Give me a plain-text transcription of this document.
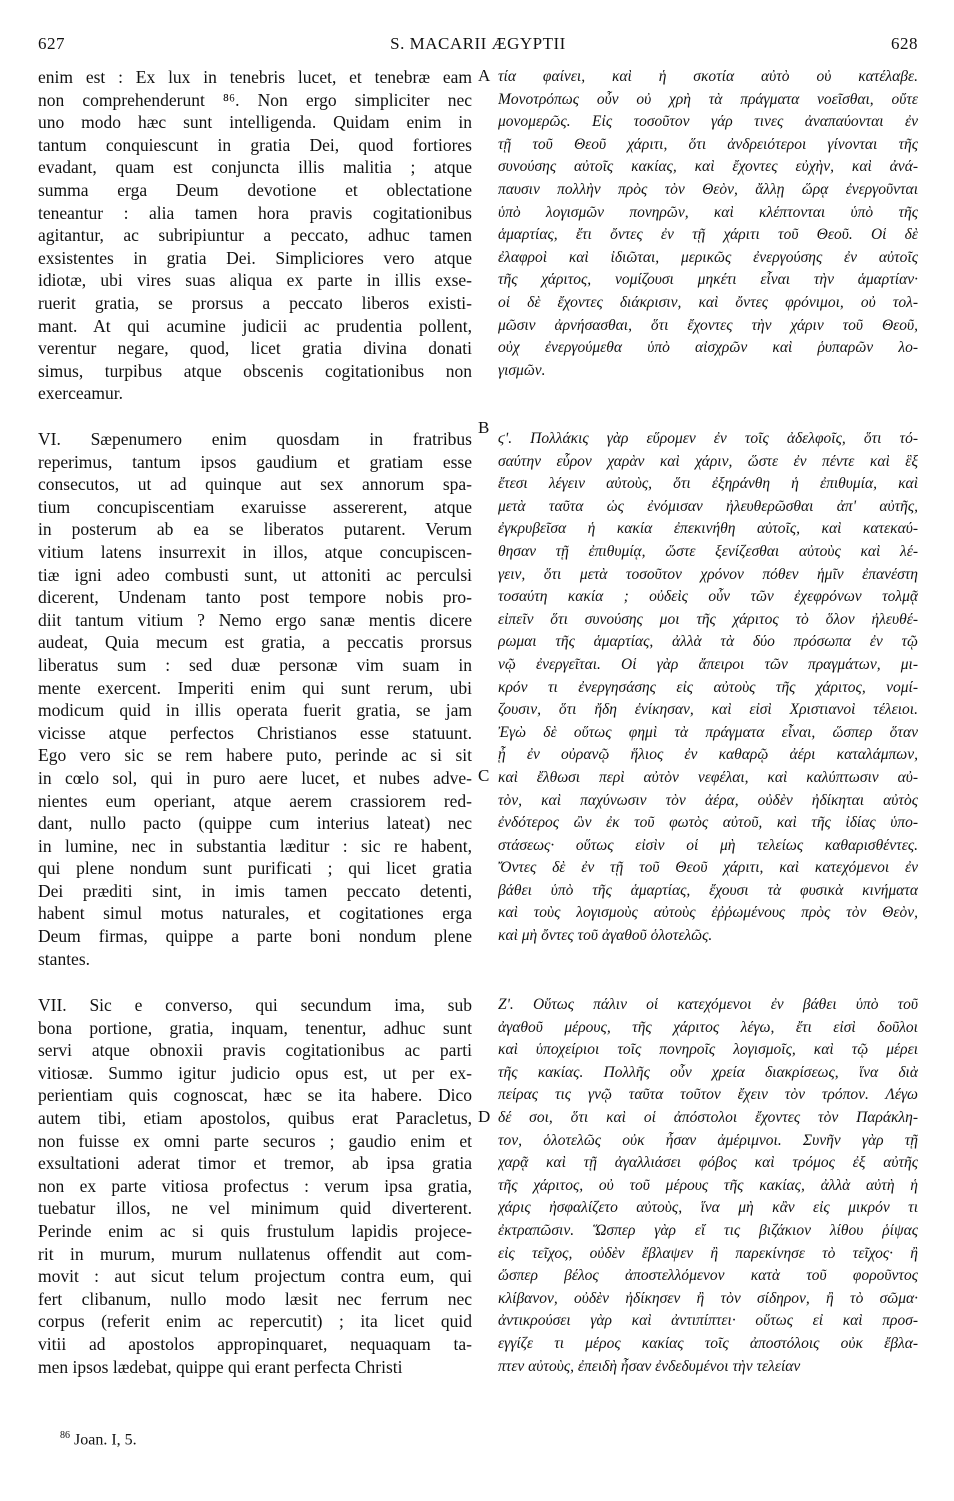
627	S. MACARII ÆGYPTII	628

enim est : Ex lux in tenebris lucet, et tenebræ eam

non comprehenderunt ⁸⁶. Non ergo simpliciter nec

uno modo hæc sunt intelligenda. Quidam enim in

tantum conquiescunt in gratia Dei, quod fortiores

evadant, quam est conjuncta illis malitia ; atque

summa erga Deum devotione et oblectatione

teneantur : alia tamen hora pravis cogitationibus

agitantur, ac subripiuntur a peccato, adhuc tamen

exsistentes in gratia Dei. Simpliciores vero atque

idiotæ, ubi vires suas aliqua ex parte in illis exse-

ruerit gratia, se prorsus a peccato liberos existi-

mant. At qui acumine judicii ac prudentia pollent,

verentur negare, quod, licet gratia divina donati

simus, turpibus atque obscenis cogitationibus non

exerceamur.

VI. Sæpenumero enim quosdam in fratribus

reperimus, tantum ipsos gaudium et gratiam esse

consecutos, ut ad quinque aut sex annorum spa-

tium concupiscentiam exaruisse assererent, atque

in posterum ab ea se liberatos putarent. Verum

vitium latens insurrexit in illos, atque concupiscen-

tiæ igni adeo combusti sunt, ut attoniti ac perculsi

dicerent, Undenam tanto post tempore nobis pro-

diit tantum vitium ? Nemo ergo sanæ mentis dicere

audeat, Quia mecum est gratia, a peccatis prorsus

liberatus sum : sed duæ personæ vim suam in

mente exercent. Imperiti enim qui sunt rerum, ubi

modicum quid in illis operata fuerit gratia, se jam

vicisse atque perfectos Christianos esse statuunt.

Ego vero sic se rem habere puto, perinde ac si sit

in cœlo sol, qui in puro aere lucet, et nubes adve-

nientes eum operiant, atque aerem crassiorem red-

dant, nullo pacto (quippe cum interius lateat) nec

in lumine, nec in substantia læditur : sic re habent,

qui plene nondum sunt purificati ; qui licet gratia

Dei præditi sint, in imis tamen peccato detenti,

habent simul motus naturales, et cogitationes erga

Deum firmas, quippe a parte boni nondum plene

stantes.

VII. Sic e converso, qui secundum ima, sub

bona portione, gratia, inquam, tenentur, adhuc sunt

servi atque obnoxii pravis cogitationibus ac parti

vitiosæ. Summo igitur judicio opus est, ut per ex-

perientiam quis cognoscat, hæc se ita habere. Dico

autem tibi, etiam apostolos, quibus erat Paracletus,

non fuisse ex omni parte securos ; gaudio enim et

exsultationi aderat timor et tremor, ab ipsa gratia

non ex parte vitiosa profectus : verum ipsa gratia,

tuebatur illos, ne vel minimum quid diverterent.

Perinde enim ac si quis frustulum lapidis projece-

rit in murum, murum nullatenus offendit aut com-

movit : aut sicut telum projectum contra eum, qui

fert clibanum, nullo modo læsit nec ferrum nec

corpus (referit enim ac repercutit) ; ita licet quid

vitii ad apostolos appropinquaret, nequaquam ta-

men ipsos lædebat, quippe qui erant perfecta Christi

τία φαίνει, καὶ ἡ σκοτία αὐτὸ οὐ κατέλαβε.

Μονοτρόπως οὖν οὐ χρὴ τὰ πράγματα νοεῖσθαι, οὔτε

μονομερῶς. Εἰς τοσοῦτον γάρ τινες ἀναπαύονται ἐν

τῇ τοῦ Θεοῦ χάριτι, ὅτι ἀνδρειότεροι γίνονται τῆς

συνούσης αὐτοῖς κακίας, καὶ ἔχοντες εὐχὴν, καὶ ἀνά-

παυσιν πολλὴν πρὸς τὸν Θεὸν, ἄλλῃ ὥρᾳ ἐνεργοῦνται

ὑπὸ λογισμῶν πονηρῶν, καὶ κλέπτονται ὑπὸ τῆς

ἁμαρτίας, ἔτι ὄντες ἐν τῇ χάριτι τοῦ Θεοῦ. Οἱ δὲ

ἐλαφροὶ καὶ ἰδιῶται, μερικῶς ἐνεργούσης ἐν αὐτοῖς

τῆς χάριτος, νομίζουσι μηκέτι εἶναι τὴν ἁμαρτίαν·

οἱ δὲ ἔχοντες διάκρισιν, καὶ ὄντες φρόνιμοι, οὐ τολ-

μῶσιν ἀρνήσασθαι, ὅτι ἔχοντες τὴν χάριν τοῦ Θεοῦ,

οὐχ ἐνεργούμεθα ὑπὸ αἰσχρῶν καὶ ῥυπαρῶν λο-

γισμῶν.

ϛʹ. Πολλάκις γὰρ εὕρομεν ἐν τοῖς ἀδελφοῖς, ὅτι τό-

σαύτην εὗρον χαρὰν καὶ χάριν, ὥστε ἐν πέντε καὶ ἓξ

ἔτεσι λέγειν αὐτοὺς, ὅτι ἐξηράνθη ἡ ἐπιθυμία, καὶ

μετὰ ταῦτα ὡς ἐνόμισαν ἠλευθερῶσθαι ἀπ' αὐτῆς,

ἐγκρυβεῖσα ἡ κακία ἐπεκινήθη αὐτοῖς, καὶ κατεκαύ-

θησαν τῇ ἐπιθυμίᾳ, ὥστε ξενίζεσθαι αὐτοὺς καὶ λέ-

γειν, ὅτι μετὰ τοσοῦτον χρόνον πόθεν ἡμῖν ἐπανέστη

τοσαύτη κακία ; οὐδεὶς οὖν τῶν ἐχεφρόνων τολμᾷ

εἰπεῖν ὅτι συνούσης μοι τῆς χάριτος τὸ ὅλον ἠλευθέ-

ρωμαι τῆς ἁμαρτίας, ἀλλὰ τὰ δύο πρόσωπα ἐν τῷ

νῷ ἐνεργεῖται. Οἱ γὰρ ἄπειροι τῶν πραγμάτων, μι-

κρόν τι ἐνεργησάσης εἰς αὐτοὺς τῆς χάριτος, νομί-

ζουσιν, ὅτι ἤδη ἐνίκησαν, καὶ εἰσὶ Χριστιανοὶ τέλειοι.

Ἐγὼ δὲ οὕτως φημὶ τὰ πράγματα εἶναι, ὥσπερ ὅταν

ᾖ ἐν οὐρανῷ ἥλιος ἐν καθαρῷ ἀέρι καταλάμπων,

καὶ ἔλθωσι περὶ αὐτὸν νεφέλαι, καὶ καλύπτωσιν αὐ-

τὸν, καὶ παχύνωσιν τὸν ἀέρα, οὐδὲν ἠδίκηται αὐτὸς

ἐνδότερος ὢν ἐκ τοῦ φωτὸς αὐτοῦ, καὶ τῆς ἰδίας ὑπο-

στάσεως· οὕτως εἰσὶν οἱ μὴ τελείως καθαρισθέντες.

Ὄντες δὲ ἐν τῇ τοῦ Θεοῦ χάριτι, καὶ κατεχόμενοι ἐν

βάθει ὑπὸ τῆς ἁμαρτίας, ἔχουσι τὰ φυσικὰ κινήματα

καὶ τοὺς λογισμοὺς αὐτοὺς ἐῤῥωμένους πρὸς τὸν Θεὸν,

καὶ μὴ ὄντες τοῦ ἀγαθοῦ ὁλοτελῶς.

Ζʹ. Οὕτως πάλιν οἱ κατεχόμενοι ἐν βάθει ὑπὸ τοῦ

ἀγαθοῦ μέρους, τῆς χάριτος λέγω, ἔτι εἰσὶ δοῦλοι

καὶ ὑποχείριοι τοῖς πονηροῖς λογισμοῖς, καὶ τῷ μέρει

τῆς κακίας. Πολλῆς οὖν χρεία διακρίσεως, ἵνα διὰ

πείρας τις γνῷ ταῦτα τοῦτον ἔχειν τὸν τρόπον. Λέγω

δέ σοι, ὅτι καὶ οἱ ἀπόστολοι ἔχοντες τὸν Παράκλη-

τον, ὁλοτελῶς οὐκ ἦσαν ἀμέριμνοι. Συνῆν γὰρ τῇ

χαρᾷ καὶ τῇ ἀγαλλιάσει φόβος καὶ τρόμος ἐξ αὐτῆς

τῆς χάριτος, οὐ τοῦ μέρους τῆς κακίας, ἀλλὰ αὐτὴ ἡ

χάρις ἠσφαλίζετο αὐτοὺς, ἵνα μὴ κἂν εἰς μικρόν τι

ἐκτραπῶσιν. Ὥσπερ γὰρ εἴ τις βιζάκιον λίθου ῥίψας

εἰς τεῖχος, οὐδὲν ἔβλαψεν ἢ παρεκίνησε τὸ τεῖχος· ἢ

ὥσπερ βέλος ἀποστελλόμενον κατὰ τοῦ φοροῦντος

κλίβανον, οὐδὲν ἠδίκησεν ἢ τὸν σίδηρον, ἢ τὸ σῶμα·

ἀντικρούσει γὰρ καὶ ἀντιπίπτει· οὕτως εἰ καὶ προσ-

εγγίζε τι μέρος κακίας τοῖς ἀποστόλοις οὐκ ἔβλα-

πτεν αὐτοὺς, ἐπειδὴ ἦσαν ἐνδεδυμένοι τὴν τελείαν

A
B
C
D
$^{86}$ Joan. I, 5.
